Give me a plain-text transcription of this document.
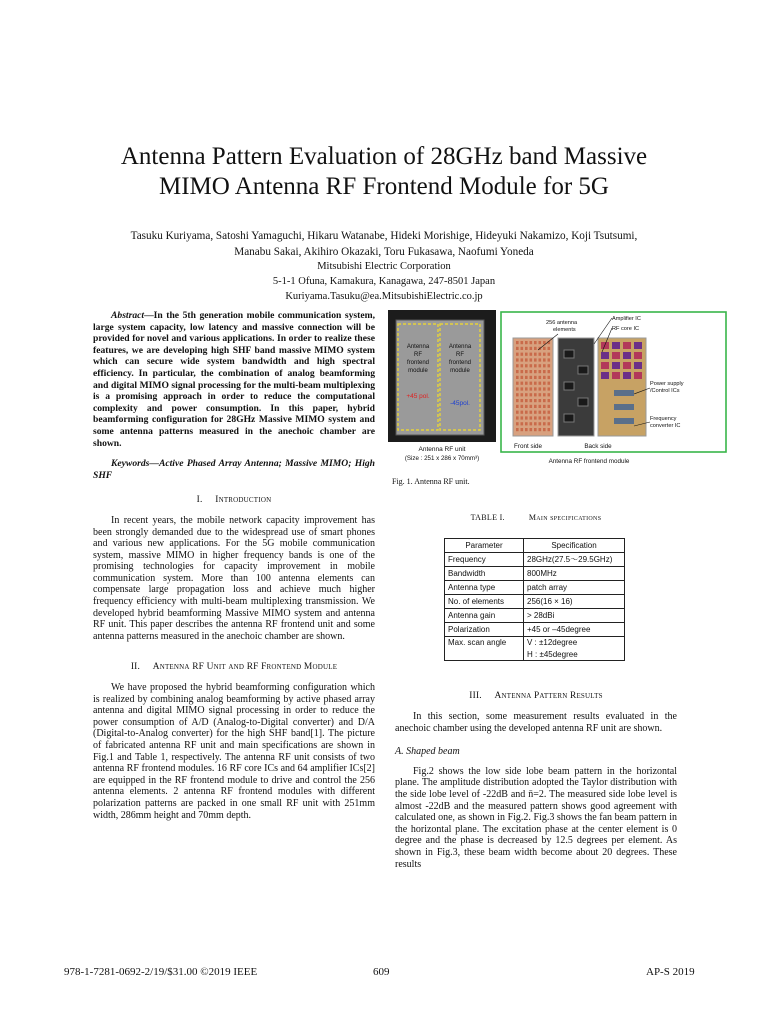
Antenna Pattern Evaluation of 28GHz band Massive
MIMO Antenna RF Frontend Module for 5G
Tasuku Kuriyama, Satoshi Yamaguchi, Hikaru Watanabe, Hideki Morishige, Hideyuki Nakamizo, Koji Tsutsumi,
Manabu Sakai, Akihiro Okazaki, Toru Fukasawa, Naofumi Yoneda
Mitsubishi Electric Corporation
5-1-1 Ofuna, Kamakura, Kanagawa, 247-8501 Japan
Kuriyama.Tasuku@ea.MitsubishiElectric.co.jp

Abstract—In the 5th generation mobile communication system, large system capacity, low latency and massive connection will be provided for novel and various applications. In order to realize these features, we are developing high SHF band massive MIMO system which can secure wide system bandwidth and high spectral efficiency. In particular, the combination of analog beamforming and digital MIMO signal processing for the multi-beam multiplexing is a promising approach in order to reduce the computational complexity and power consumption. In this paper, hybrid beamforming configuration for 28GHz Massive MIMO system and some antenna patterns measured in the anechoic chamber are shown.

Keywords—Active Phased Array Antenna; Massive MIMO; High SHF

I. Introduction

In recent years, the mobile network capacity improvement has been strongly demanded due to the widespread use of smart phones and various new applications. For the 5G mobile communication system, massive MIMO in higher frequency bands is one of the promising technologies for capacity improvement in mobile communication system. More than 100 antenna elements can compensate large propagation loss and achieve much higher frequency efficiency with multi-beam multiplexing transmission. We developed hybrid beamforming Massive MIMO system and antenna RF unit. This paper describes the antenna RF frontend unit and some antenna patterns measured in the anechoic chamber are shown.

II. Antenna RF Unit and RF Frontend Module

We have proposed the hybrid beamforming configuration which is realized by combining analog beamforming by active phased array antenna and digital MIMO signal processing in order to reduce the power consumption of A/D (Analog-to-Digital converter) and D/A (Digital-to-Analog converter) for the high SHF band[1]. The picture of fabricated antenna RF unit and main specifications are shown in Fig.1 and Table 1, respectively. The antenna RF unit consists of two antenna RF frontend modules. 16 RF core ICs and 64 amplifier ICs[2] are equipped in the RF frontend module to drive and control the 256 antenna elements. 2 antenna RF frontend modules with different polarization patterns are packed in one small RF unit with 251mm width, 286mm height and 70mm depth.

Antenna RF frontend module
Antenna RF frontend module
+45 pol.
-45pol.
Antenna RF unit
(Size : 251 x 286 x 70mm³)
256 antenna elements
Amplifier IC
RF core IC
Power supply /Control ICs
Frequency converter IC
Front side	Back side
Antenna RF frontend module
Fig. 1. Antenna RF unit.
TABLE I.	Main specifications
Parameter	Specification
Frequency	28GHz(27.5～29.5GHz)
Bandwidth	800MHz
Antenna type	patch array
No. of elements	256(16 × 16)
Antenna gain	> 28dBi
Polarization	+45 or –45degree
Max. scan angle	V : ±12degree
H : ±45degree
III. Antenna Pattern Results

In this section, some measurement results evaluated in the anechoic chamber using the developed antenna RF unit are shown.

A. Shaped beam

Fig.2 shows the low side lobe beam pattern in the horizontal plane. The amplitude distribution adopted the Taylor distribution with the side lobe level of -22dB and n̄=2. The measured side lobe level is almost -22dB and the measured pattern shows good agreement with calculated one, as shown in Fig.2. Fig.3 shows the fan beam pattern in the horizontal plane. The excitation phase at the center element is 0 degree and the phase is decreased by 12.5 degrees per element. As shown in Fig.3, these beam width become about 20 degrees. These results

978-1-7281-0692-2/19/$31.00 ©2019 IEEE	609	AP-S 2019
